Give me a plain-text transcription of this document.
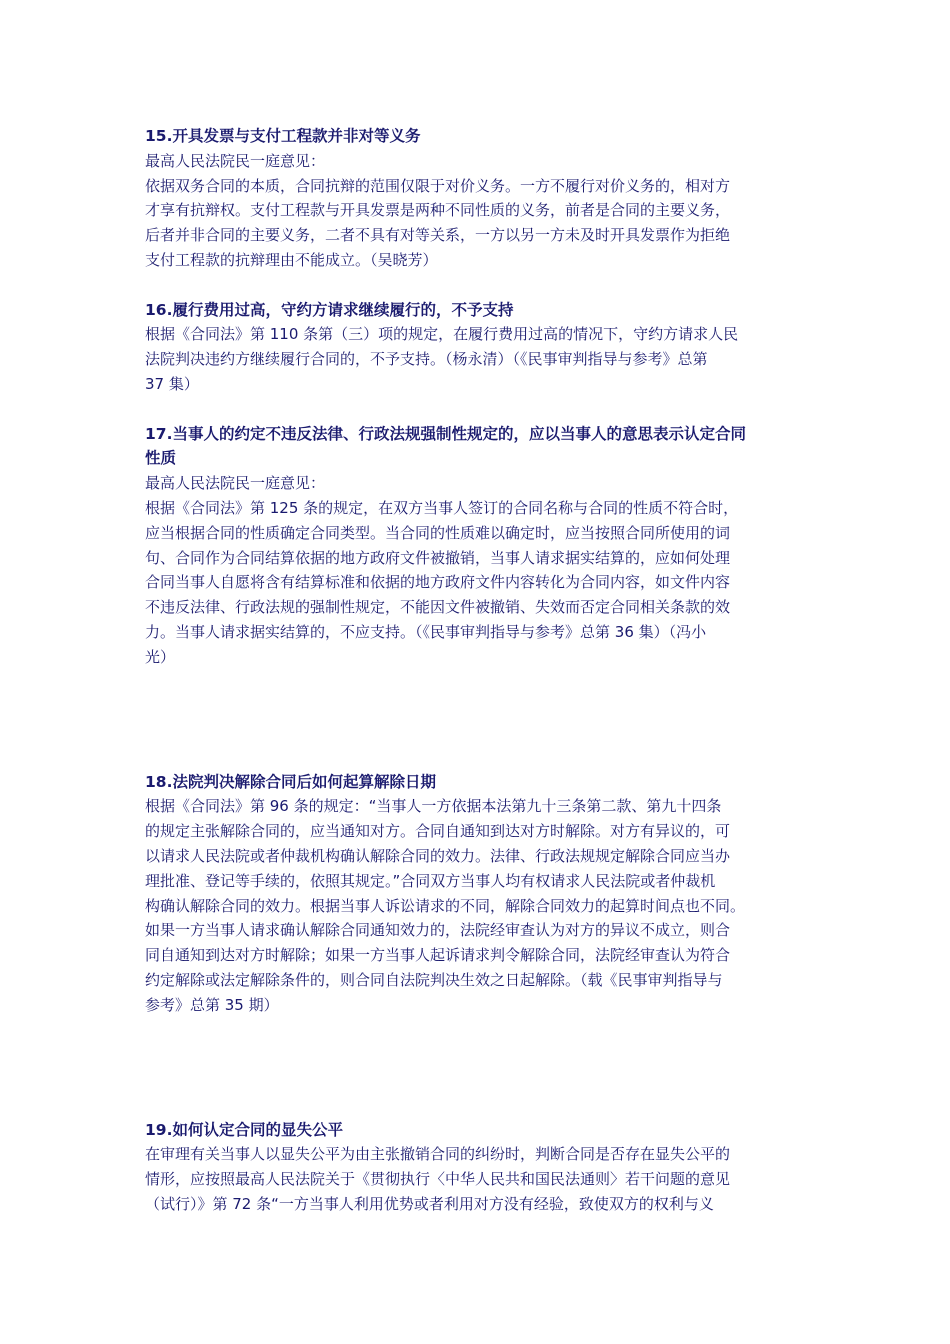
15.开具发票与支付工程款并非对等义务
最高人民法院民一庭意见：
依据双务合同的本质，合同抗辩的范围仅限于对价义务。一方不履行对价义务的，相对方
才享有抗辩权。支付工程款与开具发票是两种不同性质的义务，前者是合同的主要义务，
后者并非合同的主要义务，二者不具有对等关系，一方以另一方未及时开具发票作为拒绝
支付工程款的抗辩理由不能成立。（吴晓芳）
16.履行费用过高，守约方请求继续履行的，不予支持
根据《合同法》第 110 条第（三）项的规定，在履行费用过高的情况下，守约方请求人民
法院判决违约方继续履行合同的，不予支持。（杨永清）（《民事审判指导与参考》总第
37 集）
17.当事人的约定不违反法律、行政法规强制性规定的，应以当事人的意思表示认定合同
性质
最高人民法院民一庭意见：
根据《合同法》第 125 条的规定，在双方当事人签订的合同名称与合同的性质不符合时，
应当根据合同的性质确定合同类型。当合同的性质难以确定时，应当按照合同所使用的词
句、合同作为合同结算依据的地方政府文件被撤销，当事人请求据实结算的，应如何处理
合同当事人自愿将含有结算标准和依据的地方政府文件内容转化为合同内容，如文件内容
不违反法律、行政法规的强制性规定，不能因文件被撤销、失效而否定合同相关条款的效
力。当事人请求据实结算的，不应支持。（《民事审判指导与参考》总第 36 集）（冯小
光）
18.法院判决解除合同后如何起算解除日期
根据《合同法》第 96 条的规定：“当事人一方依据本法第九十三条第二款、第九十四条
的规定主张解除合同的，应当通知对方。合同自通知到达对方时解除。对方有异议的，可
以请求人民法院或者仲裁机构确认解除合同的效力。法律、行政法规规定解除合同应当办
理批准、登记等手续的，依照其规定。”合同双方当事人均有权请求人民法院或者仲裁机
构确认解除合同的效力。根据当事人诉讼请求的不同，解除合同效力的起算时间点也不同。
如果一方当事人请求确认解除合同通知效力的，法院经审查认为对方的异议不成立，则合
同自通知到达对方时解除；如果一方当事人起诉请求判令解除合同，法院经审查认为符合
约定解除或法定解除条件的，则合同自法院判决生效之日起解除。（载《民事审判指导与
参考》总第 35 期）
19.如何认定合同的显失公平
在审理有关当事人以显失公平为由主张撤销合同的纠纷时，判断合同是否存在显失公平的
情形，应按照最高人民法院关于《贯彻执行〈中华人民共和国民法通则〉若干问题的意见
（试行）》第 72 条“一方当事人利用优势或者利用对方没有经验，致使双方的权利与义
